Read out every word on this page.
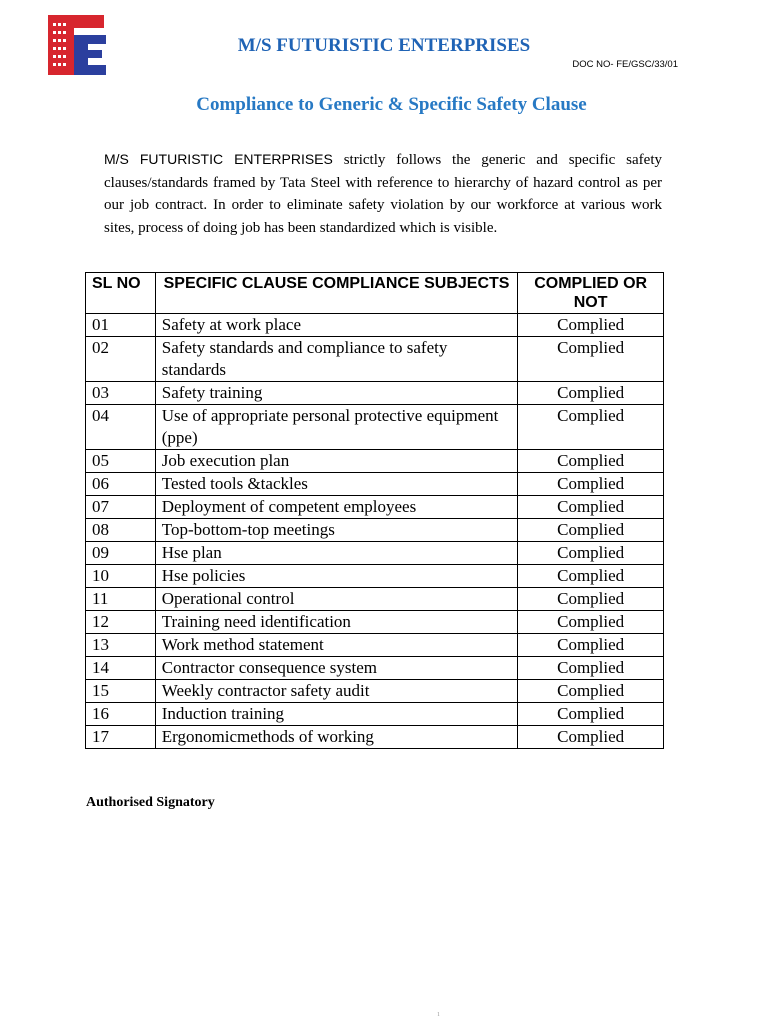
M/S FUTURISTIC ENTERPRISES
DOC NO- FE/GSC/33/01
Compliance to Generic & Specific Safety Clause
M/S FUTURISTIC ENTERPRISES strictly follows the generic and specific safety clauses/standards framed by Tata Steel with reference to hierarchy of hazard control as per our job contract. In order to eliminate safety violation by our workforce at various work sites, process of doing job has been standardized which is visible.
SL NO	SPECIFIC CLAUSE COMPLIANCE SUBJECTS	COMPLIED OR NOT
01	Safety at work place	Complied
02	Safety standards and compliance to safety standards	Complied
03	Safety training	Complied
04	Use of appropriate personal protective equipment (ppe)	Complied
05	Job execution plan	Complied
06	Tested tools &tackles	Complied
07	Deployment of competent employees	Complied
08	Top-bottom-top meetings	Complied
09	Hse plan	Complied
10	Hse policies	Complied
11	Operational control	Complied
12	Training need identification	Complied
13	Work method statement	Complied
14	Contractor consequence system	Complied
15	Weekly contractor safety audit	Complied
16	Induction training	Complied
17	Ergonomicmethods of working	Complied
Authorised Signatory
1
